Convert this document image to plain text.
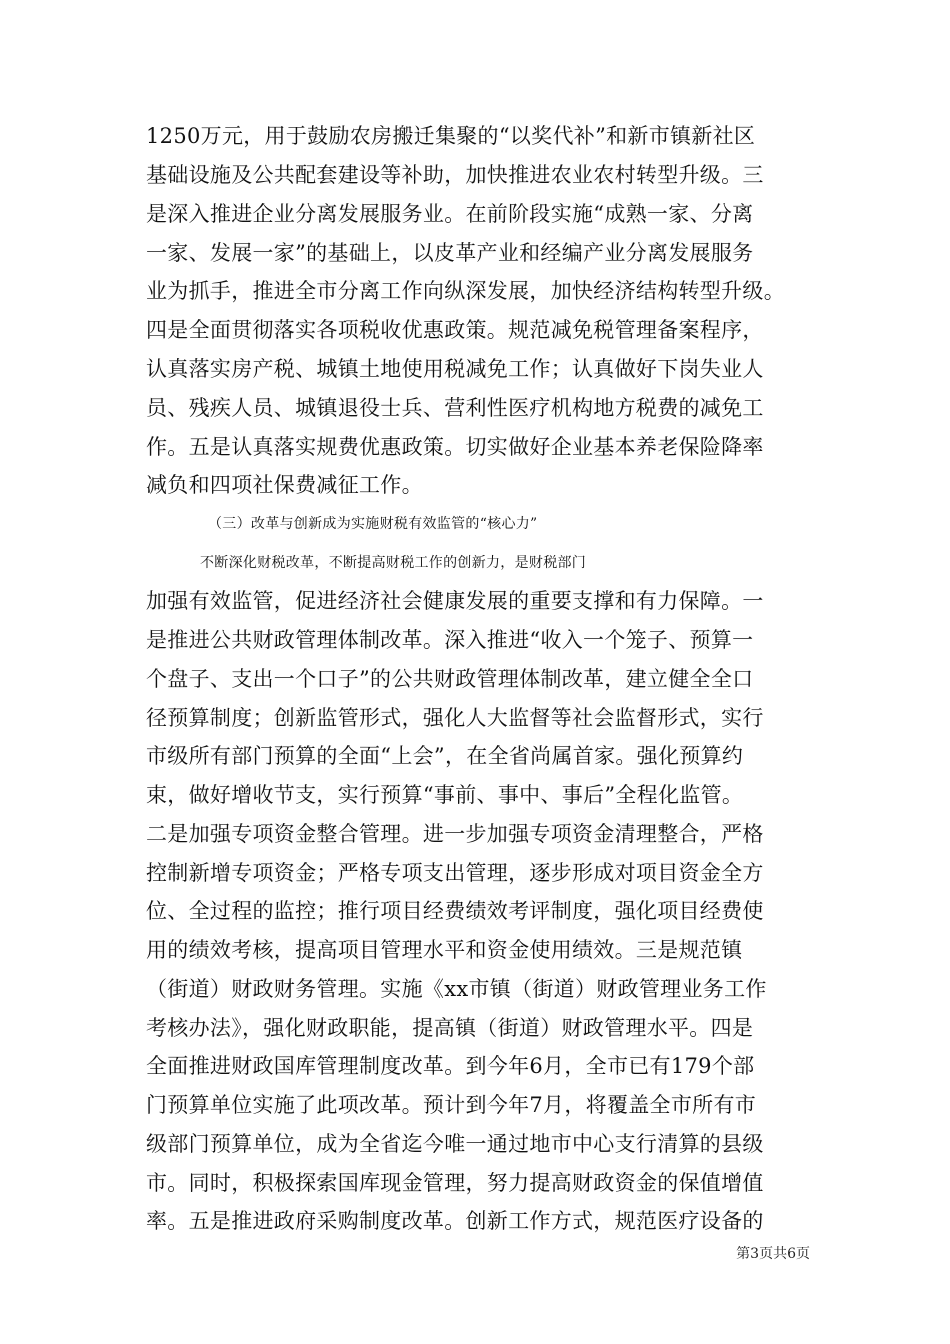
1250万元，用于鼓励农房搬迁集聚的“以奖代补”和新市镇新社区
基础设施及公共配套建设等补助，加快推进农业农村转型升级。三
是深入推进企业分离发展服务业。在前阶段实施“成熟一家、分离
一家、发展一家”的基础上，以皮革产业和经编产业分离发展服务
业为抓手，推进全市分离工作向纵深发展，加快经济结构转型升级。
四是全面贯彻落实各项税收优惠政策。规范减免税管理备案程序，
认真落实房产税、城镇土地使用税减免工作；认真做好下岗失业人
员、残疾人员、城镇退役士兵、营利性医疗机构地方税费的减免工
作。五是认真落实规费优惠政策。切实做好企业基本养老保险降率
减负和四项社保费减征工作。
（三）改革与创新成为实施财税有效监管的“核心力”
不断深化财税改革，不断提高财税工作的创新力，是财税部门
加强有效监管，促进经济社会健康发展的重要支撑和有力保障。一
是推进公共财政管理体制改革。深入推进“收入一个笼子、预算一
个盘子、支出一个口子”的公共财政管理体制改革，建立健全全口
径预算制度；创新监管形式，强化人大监督等社会监督形式，实行
市级所有部门预算的全面“上会”，在全省尚属首家。强化预算约
束，做好增收节支，实行预算“事前、事中、事后”全程化监管。
二是加强专项资金整合管理。进一步加强专项资金清理整合，严格
控制新增专项资金；严格专项支出管理，逐步形成对项目资金全方
位、全过程的监控；推行项目经费绩效考评制度，强化项目经费使
用的绩效考核，提高项目管理水平和资金使用绩效。三是规范镇
（街道）财政财务管理。实施《xx市镇（街道）财政管理业务工作
考核办法》，强化财政职能，提高镇（街道）财政管理水平。四是
全面推进财政国库管理制度改革。到今年6月，全市已有179个部
门预算单位实施了此项改革。预计到今年7月，将覆盖全市所有市
级部门预算单位，成为全省迄今唯一通过地市中心支行清算的县级
市。同时，积极探索国库现金管理，努力提高财政资金的保值增值
率。五是推进政府采购制度改革。创新工作方式，规范医疗设备的
第3页共6页
